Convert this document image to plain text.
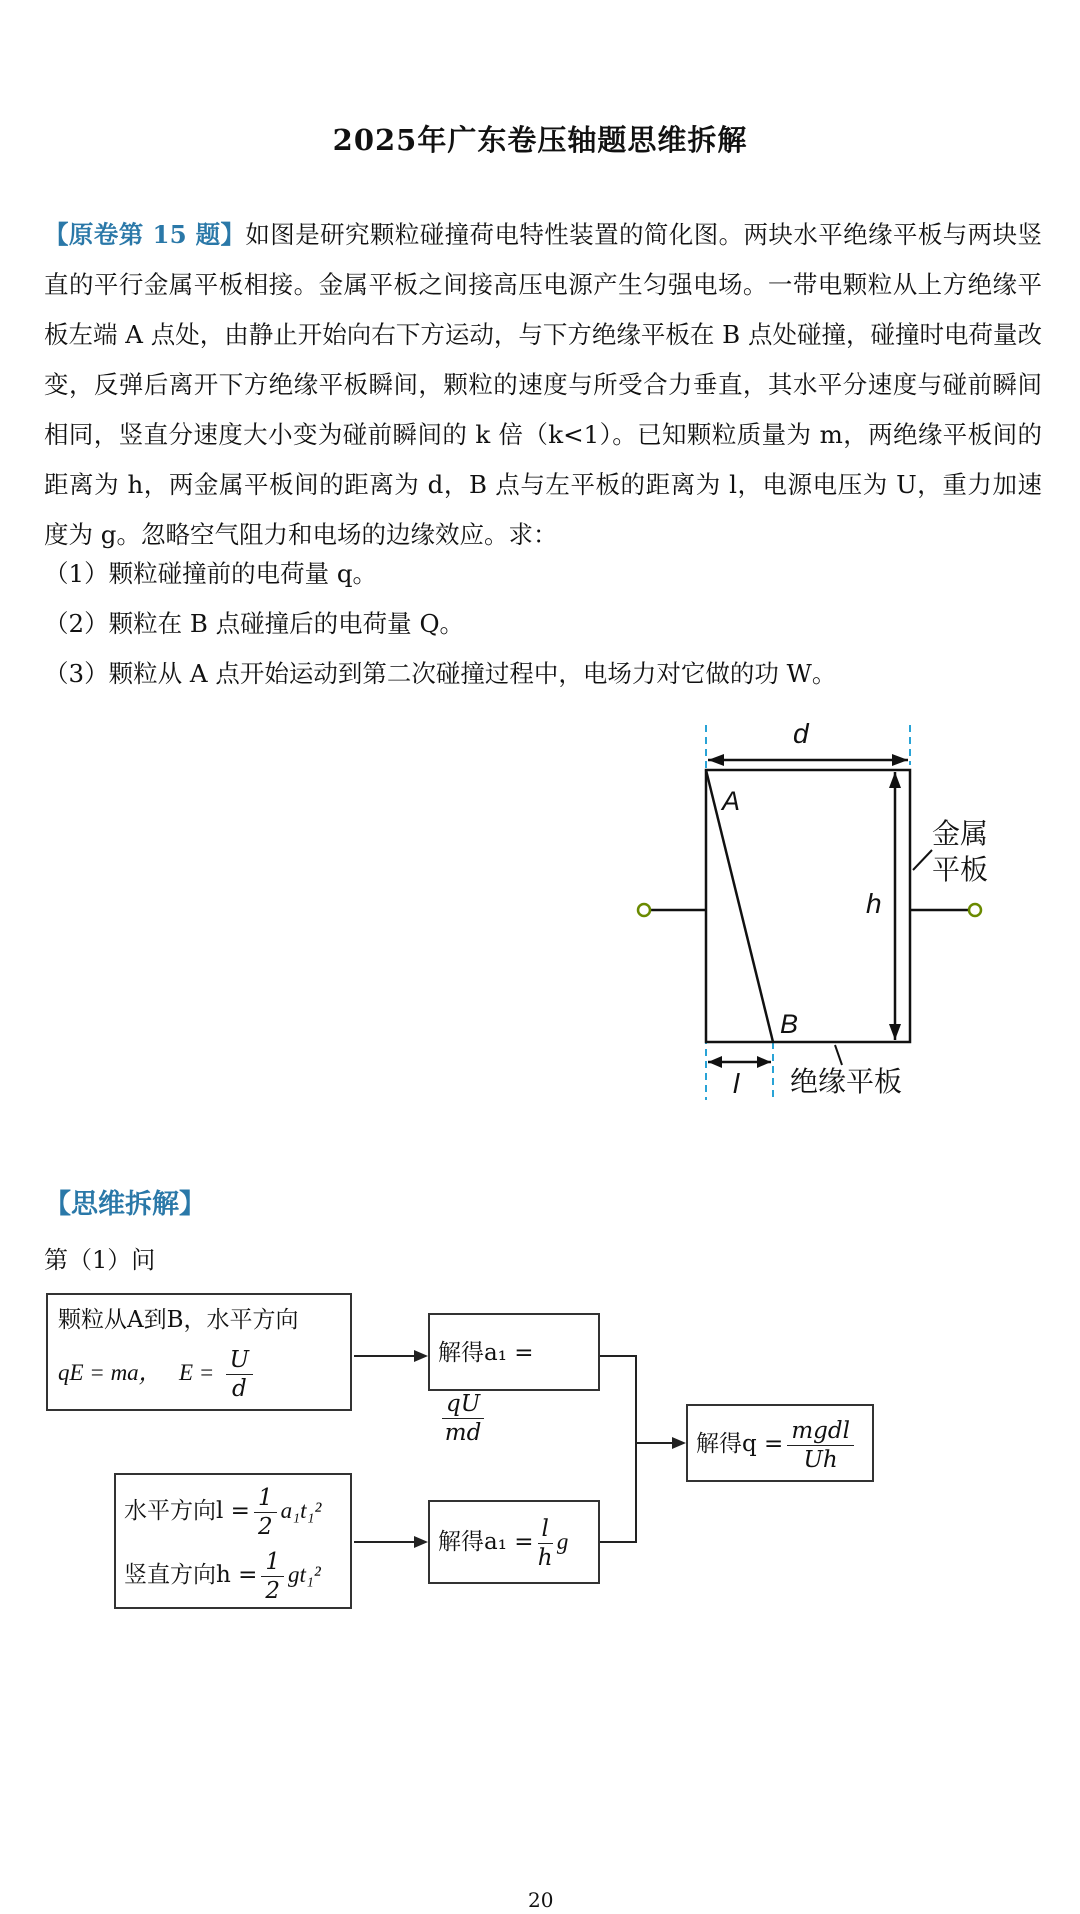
2025年广东卷压轴题思维拆解
【原卷第 15 题】如图是研究颗粒碰撞荷电特性装置的简化图。两块水平绝缘平板与两块竖直的平行金属平板相接。金属平板之间接高压电源产生匀强电场。一带电颗粒从上方绝缘平板左端 A 点处，由静止开始向右下方运动，与下方绝缘平板在 B 点处碰撞，碰撞时电荷量改变，反弹后离开下方绝缘平板瞬间，颗粒的速度与所受合力垂直，其水平分速度与碰前瞬间相同，竖直分速度大小变为碰前瞬间的 k 倍（k<1）。已知颗粒质量为 m，两绝缘平板间的距离为 h，两金属平板间的距离为 d，B 点与左平板的距离为 l，电源电压为 U，重力加速度为 g。忽略空气阻力和电场的边缘效应。求：
（1）颗粒碰撞前的电荷量 q。
（2）颗粒在 B 点碰撞后的电荷量 Q。
（3）颗粒从 A 点开始运动到第二次碰撞过程中，电场力对它做的功 W。
d
h
A
B
金属
平板
l 绝缘平板
【思维拆解】
第（1）问
颗粒从A到B，水平方向
qE = ma， $E = \frac{U}{d}$	解得a₁ =
$\frac{qU}{md}$
水平方向$l = \frac{1}{2} a_1t_1^2$
竖直方向$h = \frac{1}{2} gt_1^2$
解得$a_1 = \frac{l}{h}$ g
解得$q = \frac{\text{mgdl}}{Uh}$
20
